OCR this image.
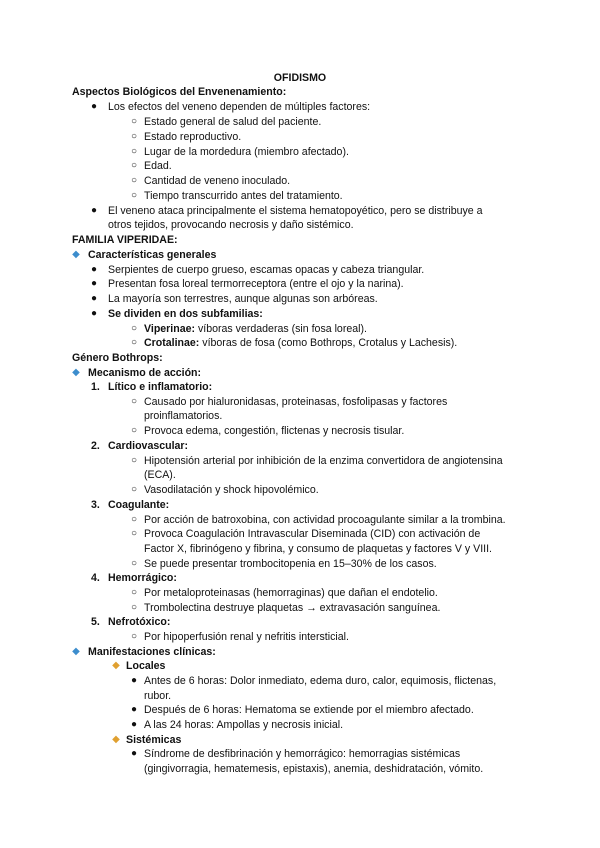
OFIDISMO
Aspectos Biológicos del Envenenamiento:
● Los efectos del veneno dependen de múltiples factores:
○ Estado general de salud del paciente.
○ Estado reproductivo.
○ Lugar de la mordedura (miembro afectado).
○ Edad.
○ Cantidad de veneno inoculado.
○ Tiempo transcurrido antes del tratamiento.
● El veneno ataca principalmente el sistema hematopoyético, pero se distribuye a
otros tejidos, provocando necrosis y daño sistémico.
FAMILIA VIPERIDAE:
◆ Características generales
● Serpientes de cuerpo grueso, escamas opacas y cabeza triangular.
● Presentan fosa loreal termorreceptora (entre el ojo y la narina).
● La mayoría son terrestres, aunque algunas son arbóreas.
● Se dividen en dos subfamilias:
○ Viperinae: víboras verdaderas (sin fosa loreal).
○ Crotalinae: víboras de fosa (como Bothrops, Crotalus y Lachesis).
Género Bothrops:
◆ Mecanismo de acción:
1. Lítico e inflamatorio:
○ Causado por hialuronidasas, proteinasas, fosfolipasas y factores
proinflamatorios.
○ Provoca edema, congestión, flictenas y necrosis tisular.
2. Cardiovascular:
○ Hipotensión arterial por inhibición de la enzima convertidora de angiotensina
(ECA).
○ Vasodilatación y shock hipovolémico.
3. Coagulante:
○ Por acción de batroxobina, con actividad procoagulante similar a la trombina.
○ Provoca Coagulación Intravascular Diseminada (CID) con activación de
Factor X, fibrinógeno y fibrina, y consumo de plaquetas y factores V y VIII.
○ Se puede presentar trombocitopenia en 15–30% de los casos.
4. Hemorrágico:
○ Por metaloproteinasas (hemorraginas) que dañan el endotelio.
○ Trombolectina destruye plaquetas → extravasación sanguínea.
5. Nefrotóxico:
○ Por hipoperfusión renal y nefritis intersticial.
◆ Manifestaciones clínicas:
◆ Locales
● Antes de 6 horas: Dolor inmediato, edema duro, calor, equimosis, flictenas,
rubor.
● Después de 6 horas: Hematoma se extiende por el miembro afectado.
● A las 24 horas: Ampollas y necrosis inicial.
◆ Sistémicas
● Síndrome de desfibrinación y hemorrágico: hemorragias sistémicas
(gingivorragia, hematemesis, epistaxis), anemia, deshidratación, vómito.
